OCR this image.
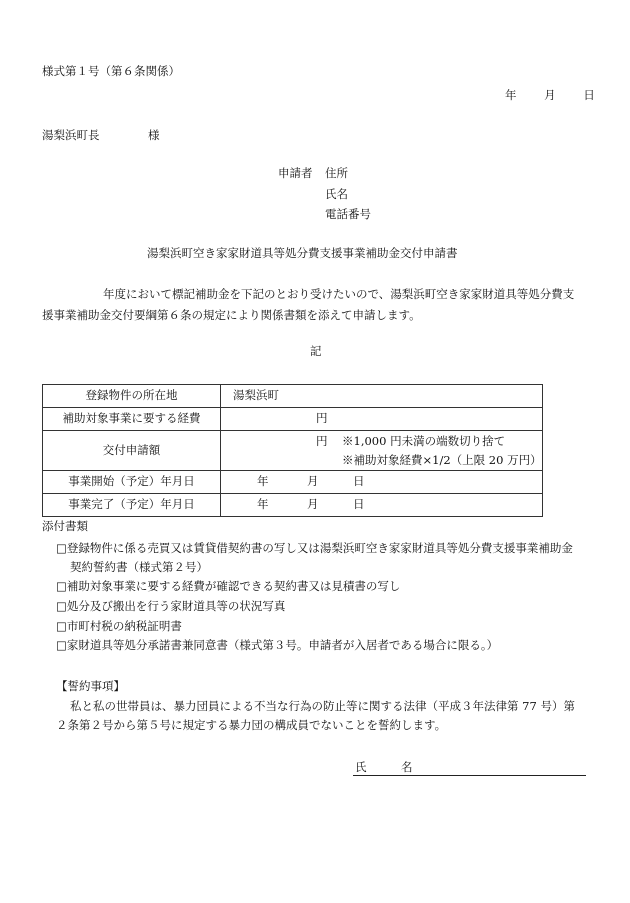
様式第１号（第６条関係）
年 月 日
湯梨浜町長	様
申請者 住所
氏名
電話番号
湯梨浜町空き家家財道具等処分費支援事業補助金交付申請書
年度において標記補助金を下記のとおり受けたいので、湯梨浜町空き家家財道具等処分費支
援事業補助金交付要綱第６条の規定により関係書類を添えて申請します。
記
登録物件の所在地	湯梨浜町

補助対象事業に要する経費	円

交付申請額	円 ※1,000 円未満の端数切り捨て
※補助対象経費×1/2（上限 20 万円）

事業開始（予定）年月日	年 月 日

事業完了（予定）年月日	年 月 日
添付書類
□登録物件に係る売買又は賃貸借契約書の写し又は湯梨浜町空き家家財道具等処分費支援事業補助金
契約誓約書（様式第２号）
□補助対象事業に要する経費が確認できる契約書又は見積書の写し
□処分及び搬出を行う家財道具等の状況写真
□市町村税の納税証明書
□家財道具等処分承諾書兼同意書（様式第３号。申請者が入居者である場合に限る。）
【誓約事項】
私と私の世帯員は、暴力団員による不当な行為の防止等に関する法律（平成３年法律第 77 号）第
２条第２号から第５号に規定する暴力団の構成員でないことを誓約します。
氏	名
